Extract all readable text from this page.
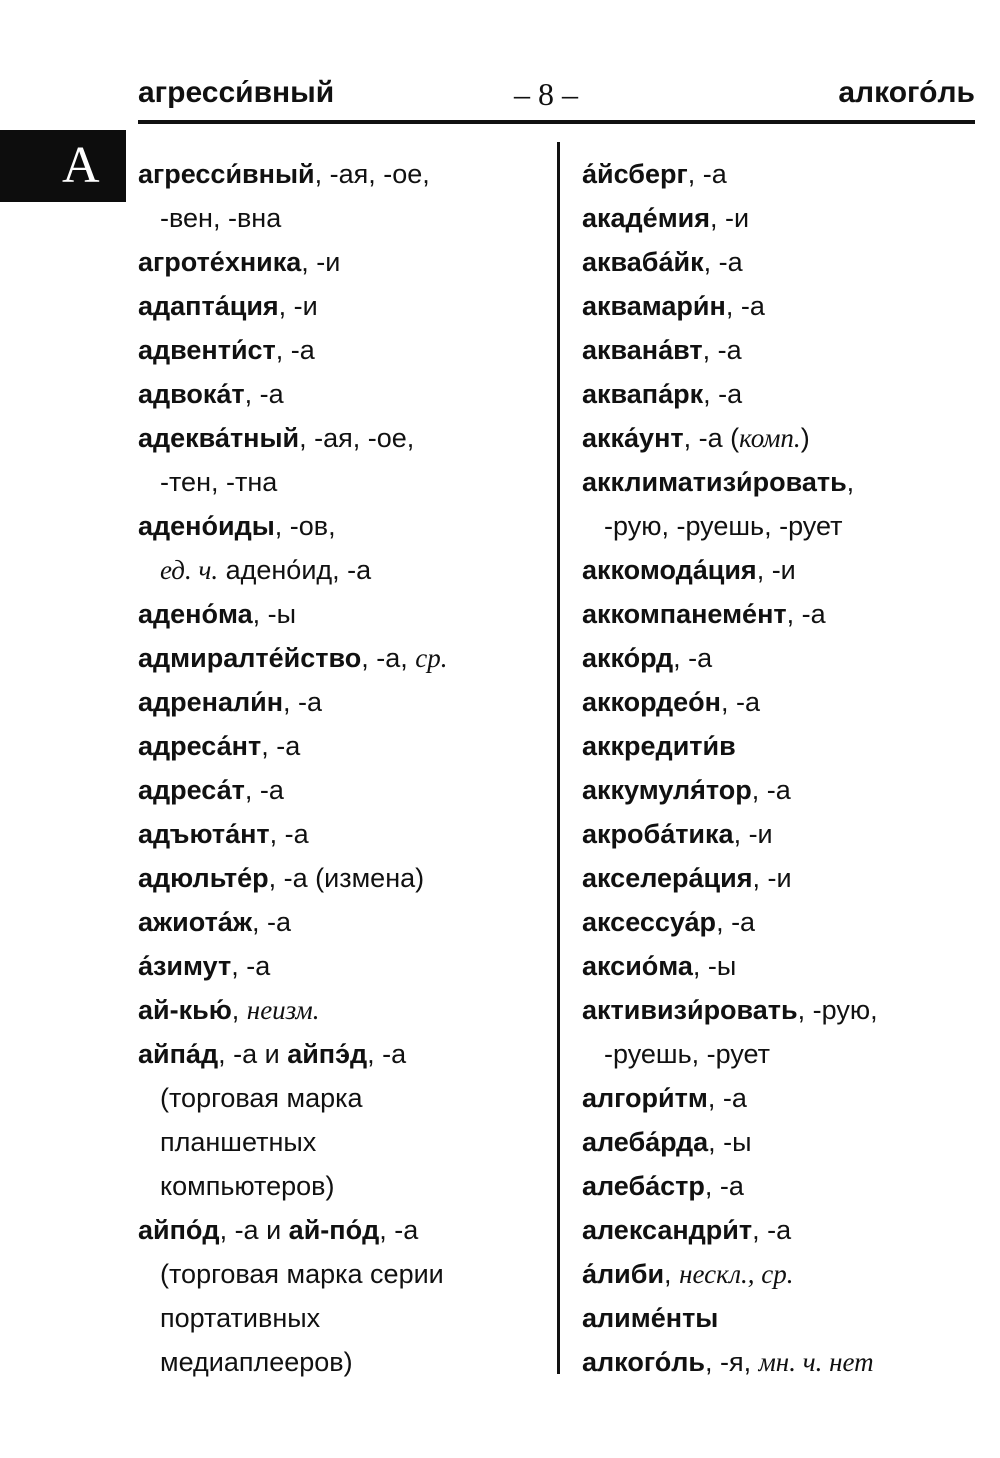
агресси́вный	– 8 –	алкого́ль
А агресси́вный, -ая, -ое,
-вен, -вна
агроте́хника, -и
адапта́ция, -и
адвенти́ст, -а
адвока́т, -а
адеква́тный, -ая, -ое,
-тен, -тна
адено́иды, -ов,
ед. ч. адено́ид, -а
адено́ма, -ы
адмиралте́йство, -а, ср.
адренали́н, -а
адреса́нт, -а
адреса́т, -а
адъюта́нт, -а
адюльте́р, -а (измена)
ажиота́ж, -а
а́зимут, -а
ай-кью́, неизм.
айпа́д, -а и айпэ́д, -а
(торговая марка
планшетных
компьютеров)
айпо́д, -а и ай-по́д, -а
(торговая марка серии
портативных
медиаплееров)
а́йсберг, -а
акаде́мия, -и
акваба́йк, -а
аквамари́н, -а
аквана́вт, -а
аквапа́рк, -а
акка́унт, -а (комп.)
акклиматизи́ровать,
-рую, -руешь, -рует
аккомода́ция, -и
аккомпанеме́нт, -а
акко́рд, -а
аккордео́н, -а
аккредити́в
аккумуля́тор, -а
акроба́тика, -и
акселера́ция, -и
аксессуа́р, -а
аксио́ма, -ы
активизи́ровать, -рую,
-руешь, -рует
алгори́тм, -а
алеба́рда, -ы
алеба́стр, -а
александри́т, -а
а́либи, нескл., ср.
алиме́нты
алкого́ль, -я, мн. ч. нет
